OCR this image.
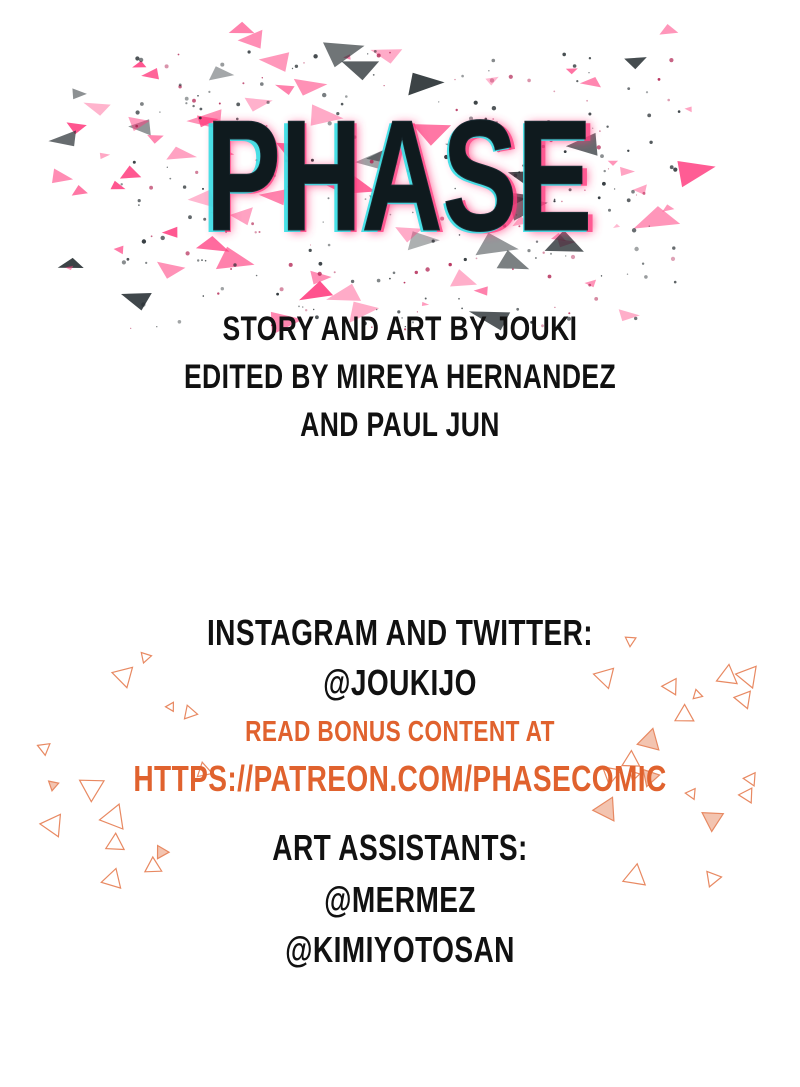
PHASE
PHASE
PHASE
STORY AND ART BY JOUKI
EDITED BY MIREYA HERNANDEZ
AND PAUL JUN
INSTAGRAM AND TWITTER:
@JOUKIJO
READ BONUS CONTENT AT
HTTPS://PATREON.COM/PHASECOMIC
ART ASSISTANTS:
@MERMEZ
@KIMIYOTOSAN
